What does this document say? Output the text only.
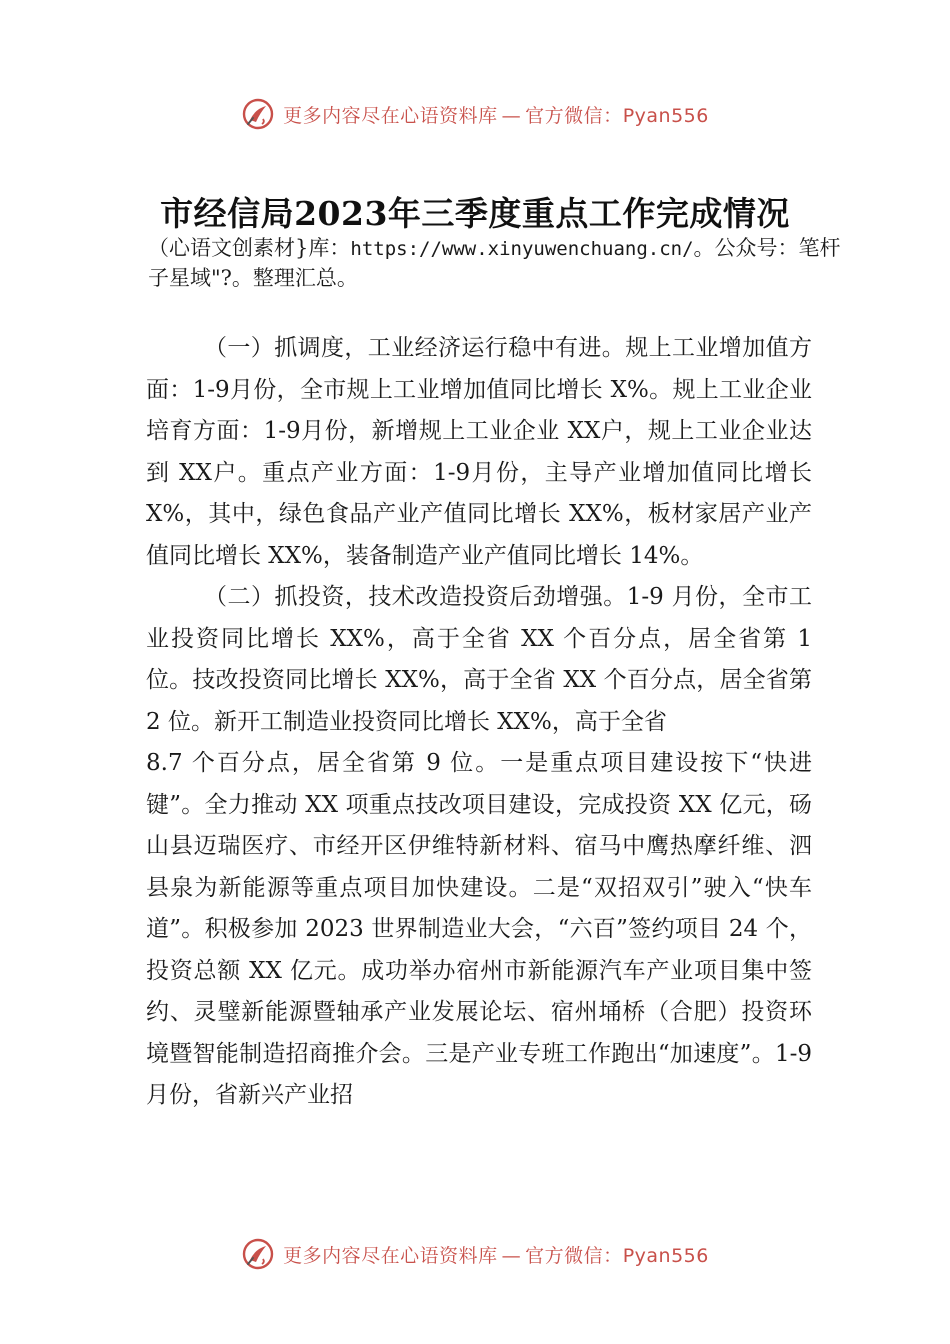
更多内容尽在心语资料库 — 官方微信：Pyan556
市经信局2023年三季度重点工作完成情况
（心语文创素材}库：https://www.xinyuwenchuang.cn/。公众号：笔杆子星域"?。整理汇总。

（一）抓调度，工业经济运行稳中有进。规上工业增加值方面：1-9月份，全市规上工业增加值同比增长 X%。规上工业企业培育方面：1-9月份，新增规上工业企业 XX户，规上工业企业达到 XX户。重点产业方面：1-9月份，主导产业增加值同比增长 X%，其中，绿色食品产业产值同比增长 XX%，板材家居产业产值同比增长 XX%，装备制造产业产值同比增长 14%。

（二）抓投资，技术改造投资后劲增强。1-9 月份，全市工业投资同比增长 XX%，高于全省 XX 个百分点，居全省第 1 位。技改投资同比增长 XX%，高于全省 XX 个百分点，居全省第 2 位。新开工制造业投资同比增长 XX%，高于全省

8.7 个百分点，居全省第 9 位。一是重点项目建设按下“快进键”。全力推动 XX 项重点技改项目建设，完成投资 XX 亿元，砀山县迈瑞医疗、市经开区伊维特新材料、宿马中鹰热摩纤维、泗县泉为新能源等重点项目加快建设。二是“双招双引”驶入“快车道”。积极参加 2023 世界制造业大会，“六百”签约项目 24 个，投资总额 XX 亿元。成功举办宿州市新能源汽车产业项目集中签约、灵璧新能源暨轴承产业发展论坛、宿州埇桥（合肥）投资环境暨智能制造招商推介会。三是产业专班工作跑出“加速度”。1-9 月份，省新兴产业招

更多内容尽在心语资料库 — 官方微信：Pyan556
